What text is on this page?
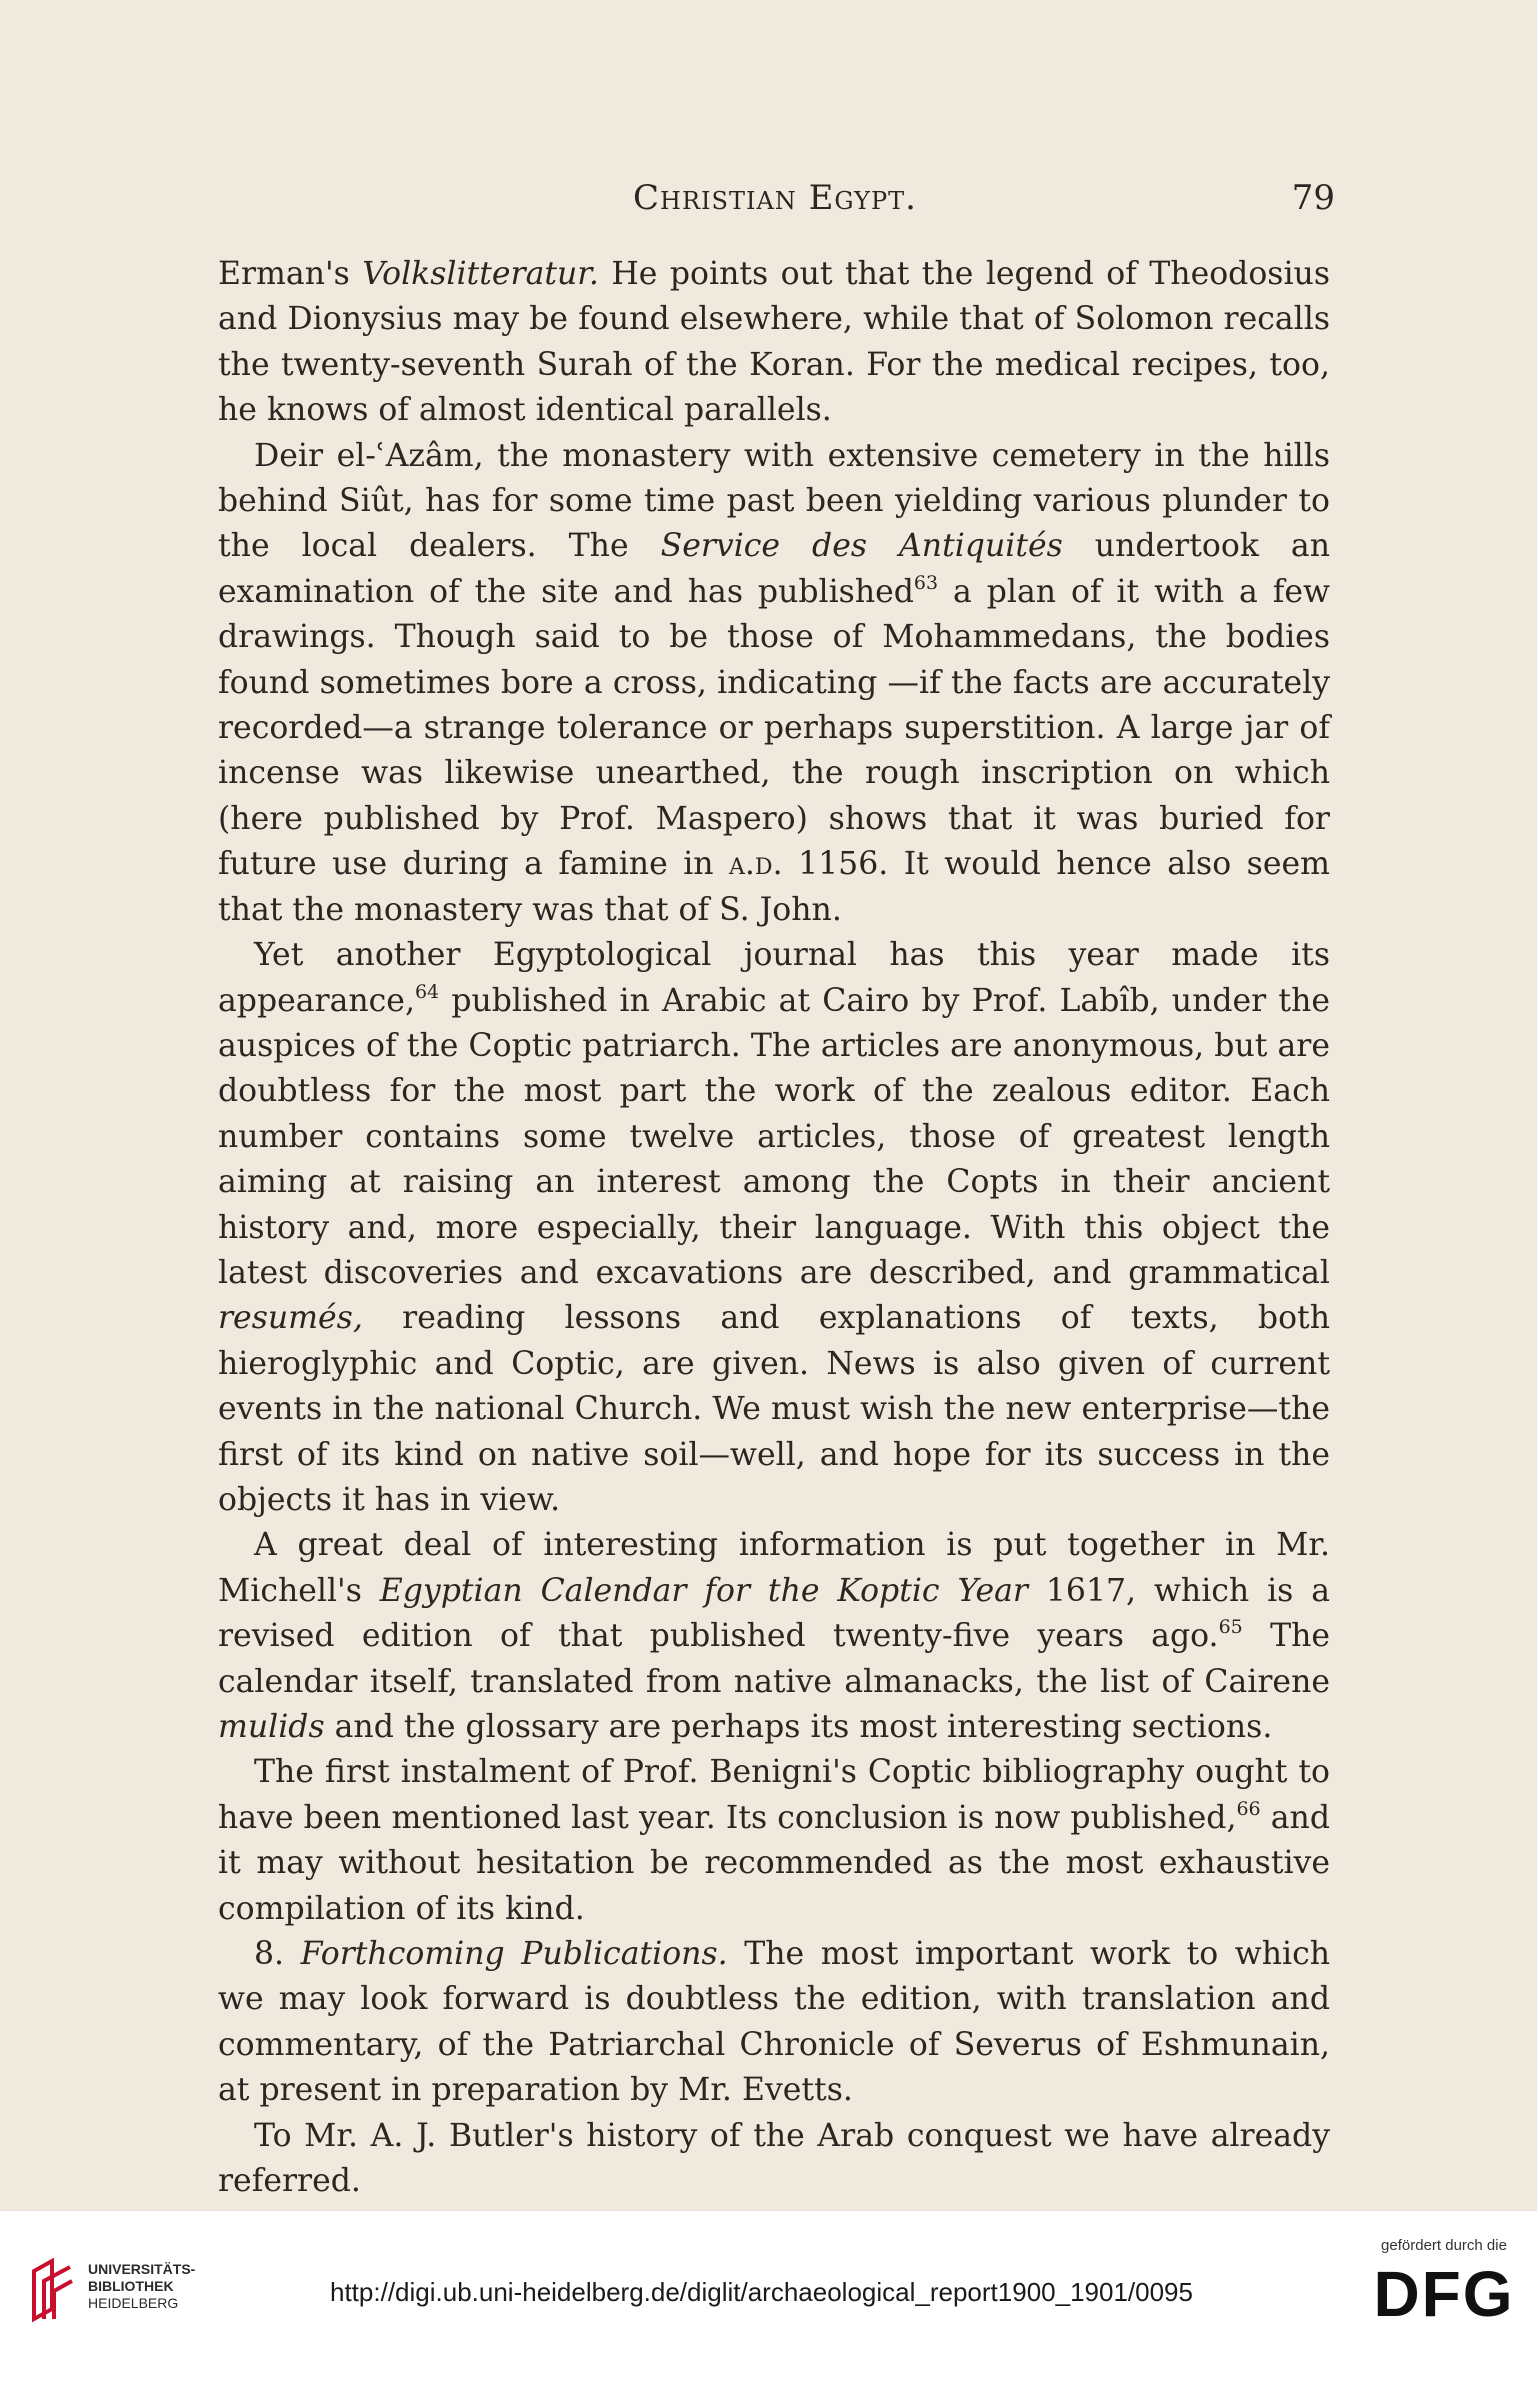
Christian Egypt.	79

Erman's Volkslitteratur. He points out that the legend of Theodosius and Dionysius may be found elsewhere, while that of Solomon recalls the twenty-seventh Surah of the Koran. For the medical recipes, too, he knows of almost identical parallels.

Deir el-ʿAzâm, the monastery with extensive cemetery in the hills behind Siût, has for some time past been yielding various plunder to the local dealers. The Service des Antiquités undertook an examination of the site and has published$^{63}$ a plan of it with a few drawings. Though said to be those of Mohammedans, the bodies found sometimes bore a cross, indicating —if the facts are accurately recorded—a strange tolerance or perhaps superstition. A large jar of incense was likewise unearthed, the rough inscription on which (here published by Prof. Maspero) shows that it was buried for future use during a famine in a.d. 1156. It would hence also seem that the monastery was that of S. John.

Yet another Egyptological journal has this year made its appearance,$^{64}$ published in Arabic at Cairo by Prof. Labîb, under the auspices of the Coptic patriarch. The articles are anonymous, but are doubtless for the most part the work of the zealous editor. Each number contains some twelve articles, those of greatest length aiming at raising an interest among the Copts in their ancient history and, more especially, their language. With this object the latest discoveries and excavations are described, and grammatical resumés, reading lessons and explanations of texts, both hieroglyphic and Coptic, are given. News is also given of current events in the national Church. We must wish the new enterprise—the first of its kind on native soil—well, and hope for its success in the objects it has in view.

A great deal of interesting information is put together in Mr. Michell's Egyptian Calendar for the Koptic Year 1617, which is a revised edition of that published twenty-five years ago.$^{65}$ The calendar itself, translated from native almanacks, the list of Cairene mulids and the glossary are perhaps its most interesting sections.

The first instalment of Prof. Benigni's Coptic bibliography ought to have been mentioned last year. Its conclusion is now published,$^{66}$ and it may without hesitation be recommended as the most exhaustive compilation of its kind.

8. Forthcoming Publications. The most important work to which we may look forward is doubtless the edition, with translation and commentary, of the Patriarchal Chronicle of Severus of Eshmunain, at present in preparation by Mr. Evetts.

To Mr. A. J. Butler's history of the Arab conquest we have already referred.

UNIVERSITÄTS-
BIBLIOTHEK
HEIDELBERG	http://digi.ub.uni-heidelberg.de/diglit/archaeological_report1900_1901/0095
gefördert durch die
DFG
